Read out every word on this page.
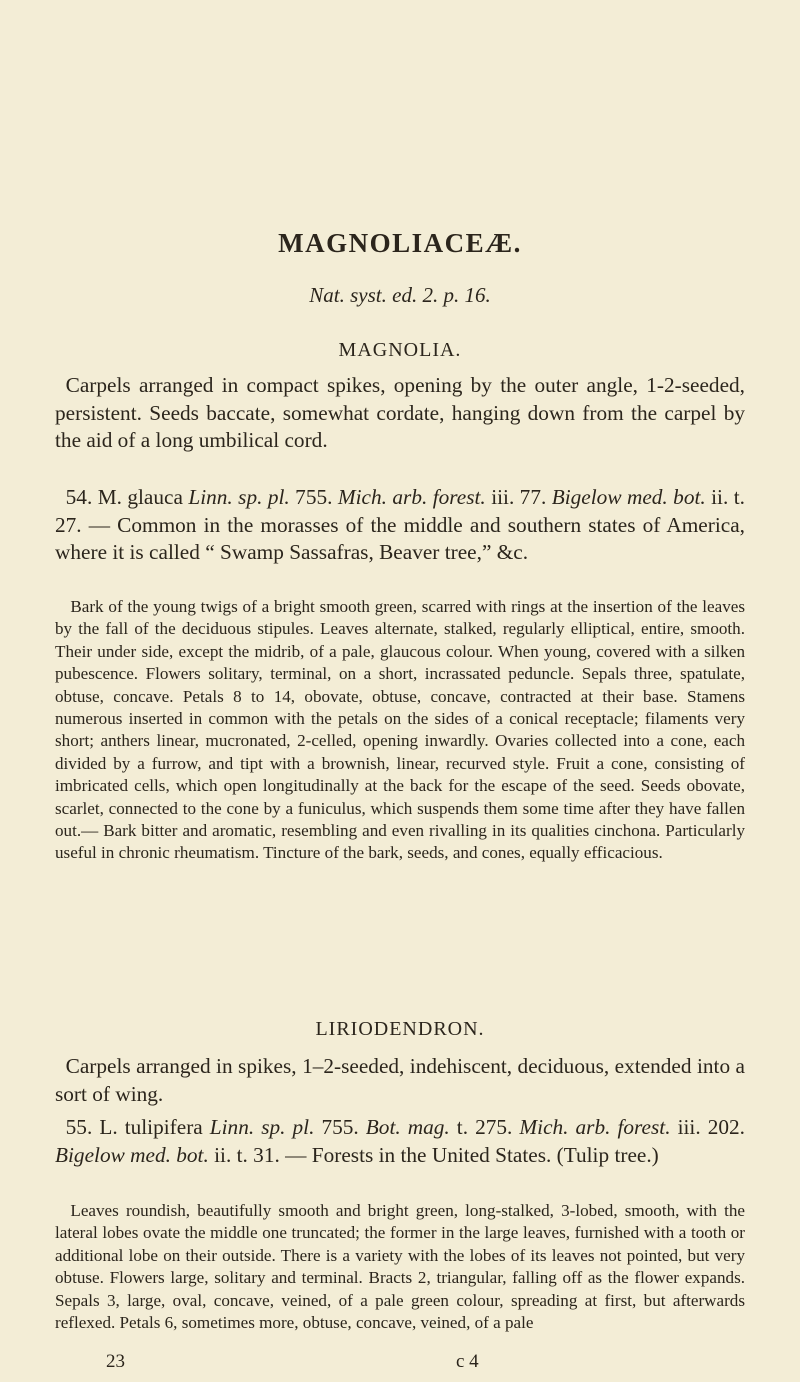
MAGNOLIACEÆ.
Nat. syst. ed. 2. p. 16.
MAGNOLIA.

Carpels arranged in compact spikes, opening by the outer angle, 1-2-seeded, persistent. Seeds baccate, somewhat cordate, hanging down from the carpel by the aid of a long umbilical cord.

54. M. glauca Linn. sp. pl. 755. Mich. arb. forest. iii. 77. Bigelow med. bot. ii. t. 27. — Common in the morasses of the middle and southern states of America, where it is called “ Swamp Sassafras, Beaver tree,” &c.

Bark of the young twigs of a bright smooth green, scarred with rings at the insertion of the leaves by the fall of the deciduous stipules. Leaves alternate, stalked, regularly elliptical, entire, smooth. Their under side, except the midrib, of a pale, glaucous colour. When young, covered with a silken pubescence. Flowers solitary, terminal, on a short, incrassated peduncle. Sepals three, spatulate, obtuse, concave. Petals 8 to 14, obovate, obtuse, concave, contracted at their base. Stamens numerous inserted in common with the petals on the sides of a conical receptacle; filaments very short; anthers linear, mucronated, 2-celled, opening inwardly. Ovaries collected into a cone, each divided by a furrow, and tipt with a brownish, linear, recurved style. Fruit a cone, consisting of imbricated cells, which open longitudinally at the back for the escape of the seed. Seeds obovate, scarlet, connected to the cone by a funiculus, which suspends them some time after they have fallen out.— Bark bitter and aromatic, resembling and even rivalling in its qualities cinchona. Particularly useful in chronic rheumatism. Tincture of the bark, seeds, and cones, equally efficacious.

LIRIODENDRON.

Carpels arranged in spikes, 1–2-seeded, indehiscent, deciduous, extended into a sort of wing.

55. L. tulipifera Linn. sp. pl. 755. Bot. mag. t. 275. Mich. arb. forest. iii. 202. Bigelow med. bot. ii. t. 31. — Forests in the United States. (Tulip tree.)

Leaves roundish, beautifully smooth and bright green, long-stalked, 3-lobed, smooth, with the lateral lobes ovate the middle one truncated; the former in the large leaves, furnished with a tooth or additional lobe on their outside. There is a variety with the lobes of its leaves not pointed, but very obtuse. Flowers large, solitary and terminal. Bracts 2, triangular, falling off as the flower expands. Sepals 3, large, oval, concave, veined, of a pale green colour, spreading at first, but afterwards reflexed. Petals 6, sometimes more, obtuse, concave, veined, of a pale

23	c 4
